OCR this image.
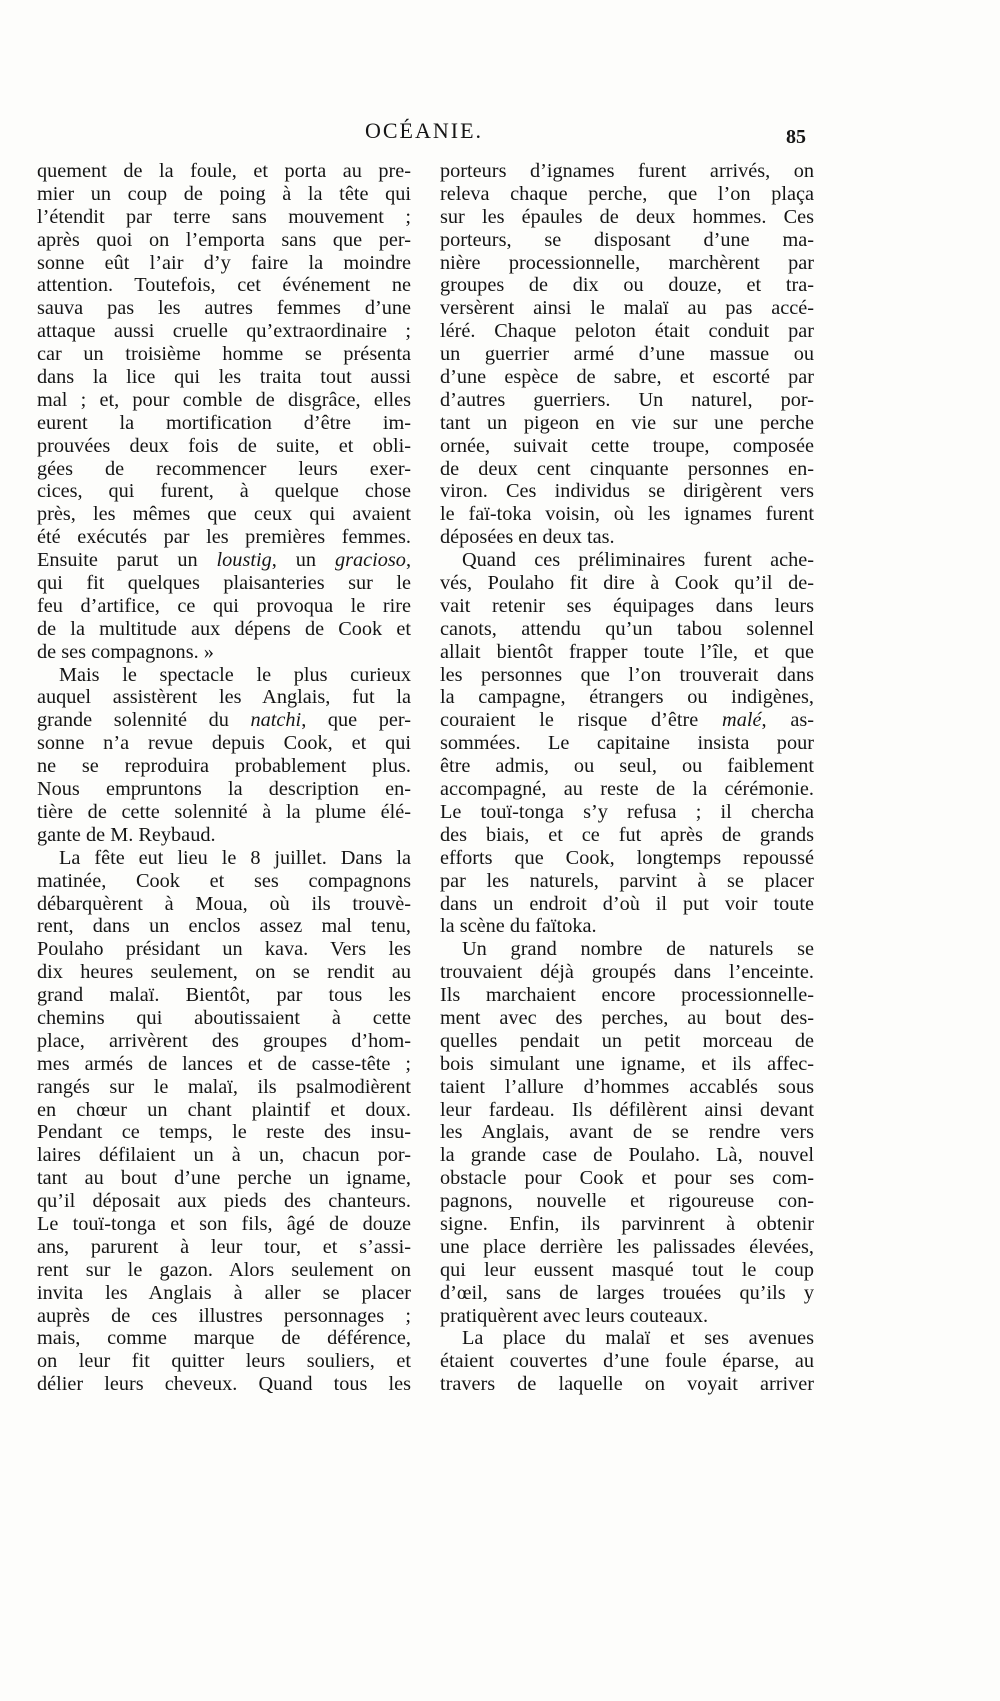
OCÉANIE.	85
quement de la foule, et porta au pre-
mier un coup de poing à la tête qui
l’étendit par terre sans mouvement ;
après quoi on l’emporta sans que per-
sonne eût l’air d’y faire la moindre
attention. Toutefois, cet événement ne
sauva pas les autres femmes d’une
attaque aussi cruelle qu’extraordinaire ;
car un troisième homme se présenta
dans la lice qui les traita tout aussi
mal ; et, pour comble de disgrâce, elles
eurent la mortification d’être im-
prouvées deux fois de suite, et obli-
gées de recommencer leurs exer-
cices, qui furent, à quelque chose
près, les mêmes que ceux qui avaient
été exécutés par les premières femmes.
Ensuite parut un loustig, un gracioso,
qui fit quelques plaisanteries sur le
feu d’artifice, ce qui provoqua le rire
de la multitude aux dépens de Cook et
de ses compagnons. »
Mais le spectacle le plus curieux
auquel assistèrent les Anglais, fut la
grande solennité du natchi, que per-
sonne n’a revue depuis Cook, et qui
ne se reproduira probablement plus.
Nous empruntons la description en-
tière de cette solennité à la plume élé-
gante de M. Reybaud.
La fête eut lieu le 8 juillet. Dans la
matinée, Cook et ses compagnons
débarquèrent à Moua, où ils trouvè-
rent, dans un enclos assez mal tenu,
Poulaho présidant un kava. Vers les
dix heures seulement, on se rendit au
grand malaï. Bientôt, par tous les
chemins qui aboutissaient à cette
place, arrivèrent des groupes d’hom-
mes armés de lances et de casse-tête ;
rangés sur le malaï, ils psalmodièrent
en chœur un chant plaintif et doux.
Pendant ce temps, le reste des insu-
laires défilaient un à un, chacun por-
tant au bout d’une perche un igname,
qu’il déposait aux pieds des chanteurs.
Le touï-tonga et son fils, âgé de douze
ans, parurent à leur tour, et s’assi-
rent sur le gazon. Alors seulement on
invita les Anglais à aller se placer
auprès de ces illustres personnages ;
mais, comme marque de déférence,
on leur fit quitter leurs souliers, et
délier leurs cheveux. Quand tous les
porteurs d’ignames furent arrivés, on
releva chaque perche, que l’on plaça
sur les épaules de deux hommes. Ces
porteurs, se disposant d’une ma-
nière processionnelle, marchèrent par
groupes de dix ou douze, et tra-
versèrent ainsi le malaï au pas accé-
léré. Chaque peloton était conduit par
un guerrier armé d’une massue ou
d’une espèce de sabre, et escorté par
d’autres guerriers. Un naturel, por-
tant un pigeon en vie sur une perche
ornée, suivait cette troupe, composée
de deux cent cinquante personnes en-
viron. Ces individus se dirigèrent vers
le faï-toka voisin, où les ignames furent
déposées en deux tas.
Quand ces préliminaires furent ache-
vés, Poulaho fit dire à Cook qu’il de-
vait retenir ses équipages dans leurs
canots, attendu qu’un tabou solennel
allait bientôt frapper toute l’île, et que
les personnes que l’on trouverait dans
la campagne, étrangers ou indigènes,
couraient le risque d’être malé, as-
sommées. Le capitaine insista pour
être admis, ou seul, ou faiblement
accompagné, au reste de la cérémonie.
Le touï-tonga s’y refusa ; il chercha
des biais, et ce fut après de grands
efforts que Cook, longtemps repoussé
par les naturels, parvint à se placer
dans un endroit d’où il put voir toute
la scène du faïtoka.
Un grand nombre de naturels se
trouvaient déjà groupés dans l’enceinte.
Ils marchaient encore processionnelle-
ment avec des perches, au bout des-
quelles pendait un petit morceau de
bois simulant une igname, et ils affec-
taient l’allure d’hommes accablés sous
leur fardeau. Ils défilèrent ainsi devant
les Anglais, avant de se rendre vers
la grande case de Poulaho. Là, nouvel
obstacle pour Cook et pour ses com-
pagnons, nouvelle et rigoureuse con-
signe. Enfin, ils parvinrent à obtenir
une place derrière les palissades élevées,
qui leur eussent masqué tout le coup
d’œil, sans de larges trouées qu’ils y
pratiquèrent avec leurs couteaux.
La place du malaï et ses avenues
étaient couvertes d’une foule éparse, au
travers de laquelle on voyait arriver
